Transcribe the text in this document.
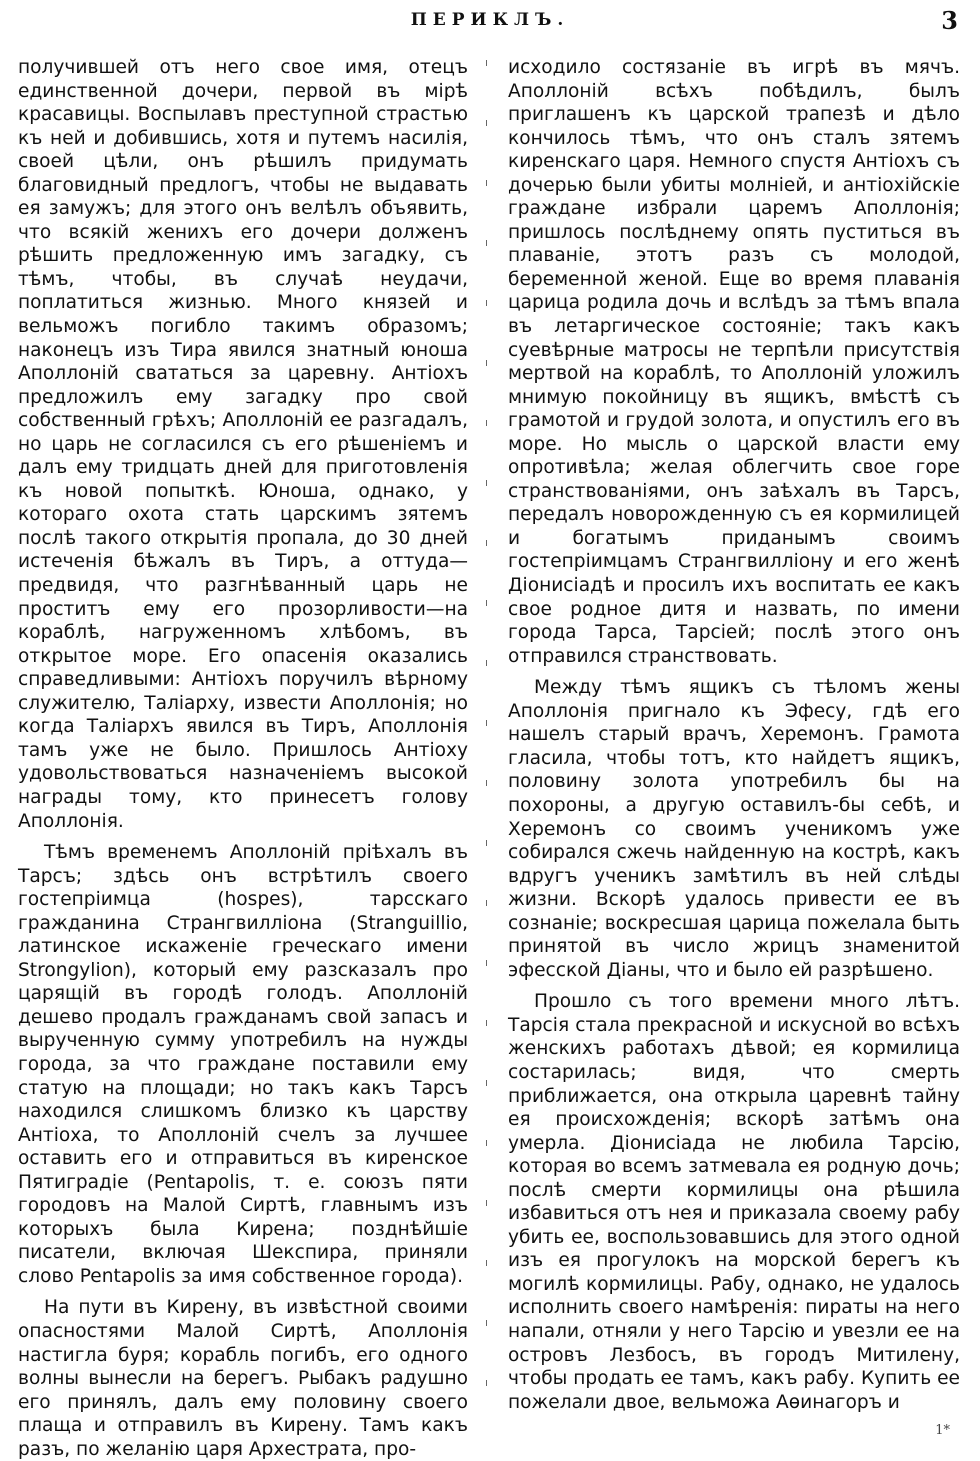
ПЕРИКЛЪ.	3

получившей отъ него свое имя, отецъ единственной дочери, первой въ мірѣ красавицы. Воспылавъ преступной страстью къ ней и добившись, хотя и путемъ насилія, своей цѣли, онъ рѣшилъ придумать благовидный предлогъ, чтобы не выдавать ея замужъ; для этого онъ велѣлъ объявить, что всякій женихъ его дочери долженъ рѣшить предложенную имъ загадку, съ тѣмъ, чтобы, въ случаѣ неудачи, поплатиться жизнью. Много князей и вельможъ погибло такимъ образомъ; наконецъ изъ Тира явился знатный юноша Аполлоній свататься за царевну. Антіохъ предложилъ ему загадку про свой собственный грѣхъ; Аполлоній ее разгадалъ, но царь не согласился съ его рѣшеніемъ и далъ ему тридцать дней для приготовленія къ новой попыткѣ. Юноша, однако, у котораго охота стать царскимъ зятемъ послѣ такого открытія пропала, до 30 дней истеченія бѣжалъ въ Тиръ, а оттуда—предвидя, что разгнѣванный царь не проститъ ему его прозорливости—на кораблѣ, нагруженномъ хлѣбомъ, въ открытое море. Его опасенія оказались справедливыми: Антіохъ поручилъ вѣрному служителю, Таліарху, извести Аполлонія; но когда Таліархъ явился въ Тиръ, Аполлонія тамъ уже не было. Пришлось Антіоху удовольствоваться назначеніемъ высокой награды тому, кто принесетъ голову Аполлонія.

Тѣмъ временемъ Аполлоній пріѣхалъ въ Тарсъ; здѣсь онъ встрѣтилъ своего гостепріимца (hospes), тарсскаго гражданина Странгвилліона (Stranguillio, латинское искаженіе греческаго имени Strongylion), который ему разсказалъ про царящій въ городѣ голодъ. Аполлоній дешево продалъ гражданамъ свой запасъ и вырученную сумму употребилъ на нужды города, за что граждане поставили ему статую на площади; но такъ какъ Тарсъ находился слишкомъ близко къ царству Антіоха, то Аполлоній счелъ за лучшее оставить его и отправиться въ киренское Пятиградіе (Pentapolis, т. е. союзъ пяти городовъ на Малой Сиртѣ, главнымъ изъ которыхъ была Кирена; позднѣйшіе писатели, включая Шекспира, приняли слово Pentapolis за имя собственное города).

На пути въ Кирену, въ извѣстной своими опасностями Малой Сиртѣ, Аполлонія настигла буря; корабль погибъ, его одного волны вынесли на берегъ. Рыбакъ радушно его принялъ, далъ ему половину своего плаща и отправилъ въ Кирену. Тамъ какъ разъ, по желанію царя Архестрата, про-

исходило состязаніе въ игрѣ въ мячъ. Аполлоній всѣхъ побѣдилъ, былъ приглашенъ къ царской трапезѣ и дѣло кончилось тѣмъ, что онъ сталъ зятемъ киренскаго царя. Немного спустя Антіохъ съ дочерью были убиты молніей, и антіохійскіе граждане избрали царемъ Аполлонія; пришлось послѣднему опять пуститься въ плаваніе, этотъ разъ съ молодой, беременной женой. Еще во время плаванія царица родила дочь и вслѣдъ за тѣмъ впала въ летаргическое состояніе; такъ какъ суевѣрные матросы не терпѣли присутствія мертвой на кораблѣ, то Аполлоній уложилъ мнимую покойницу въ ящикъ, вмѣстѣ съ грамотой и грудой золота, и опустилъ его въ море. Но мысль о царской власти ему опротивѣла; желая облегчить свое горе странствованіями, онъ заѣхалъ въ Тарсъ, передалъ новорожденную съ ея кормилицей и богатымъ приданымъ своимъ гостепріимцамъ Странгвилліону и его женѣ Діонисіадѣ и просилъ ихъ воспитать ее какъ свое родное дитя и назвать, по имени города Тарса, Тарсіей; послѣ этого онъ отправился странствовать.

Между тѣмъ ящикъ съ тѣломъ жены Аполлонія пригнало къ Эфесу, гдѣ его нашелъ старый врачъ, Херемонъ. Грамота гласила, чтобы тотъ, кто найдетъ ящикъ, половину золота употребилъ бы на похороны, а другую оставилъ-бы себѣ, и Херемонъ со своимъ ученикомъ уже собирался сжечь найденную на кострѣ, какъ вдругъ ученикъ замѣтилъ въ ней слѣды жизни. Вскорѣ удалось привести ее въ сознаніе; воскресшая царица пожелала быть принятой въ число жрицъ знаменитой эфесской Діаны, что и было ей разрѣшено.

Прошло съ того времени много лѣтъ. Тарсія стала прекрасной и искусной во всѣхъ женскихъ работахъ дѣвой; ея кормилица состарилась; видя, что смерть приближается, она открыла царевнѣ тайну ея происхожденія; вскорѣ затѣмъ она умерла. Діонисіада не любила Тарсію, которая во всемъ затмевала ея родную дочь; послѣ смерти кормилицы она рѣшила избавиться отъ нея и приказала своему рабу убить ее, воспользовавшись для этого одной изъ ея прогулокъ на морской берегъ къ могилѣ кормилицы. Рабу, однако, не удалось исполнить своего намѣренія: пираты на него напали, отняли у него Тарсію и увезли ее на островъ Лезбосъ, въ городъ Митилену, чтобы продать ее тамъ, какъ рабу. Купить ее пожелали двое, вельможа Аѳинагоръ и

1*
